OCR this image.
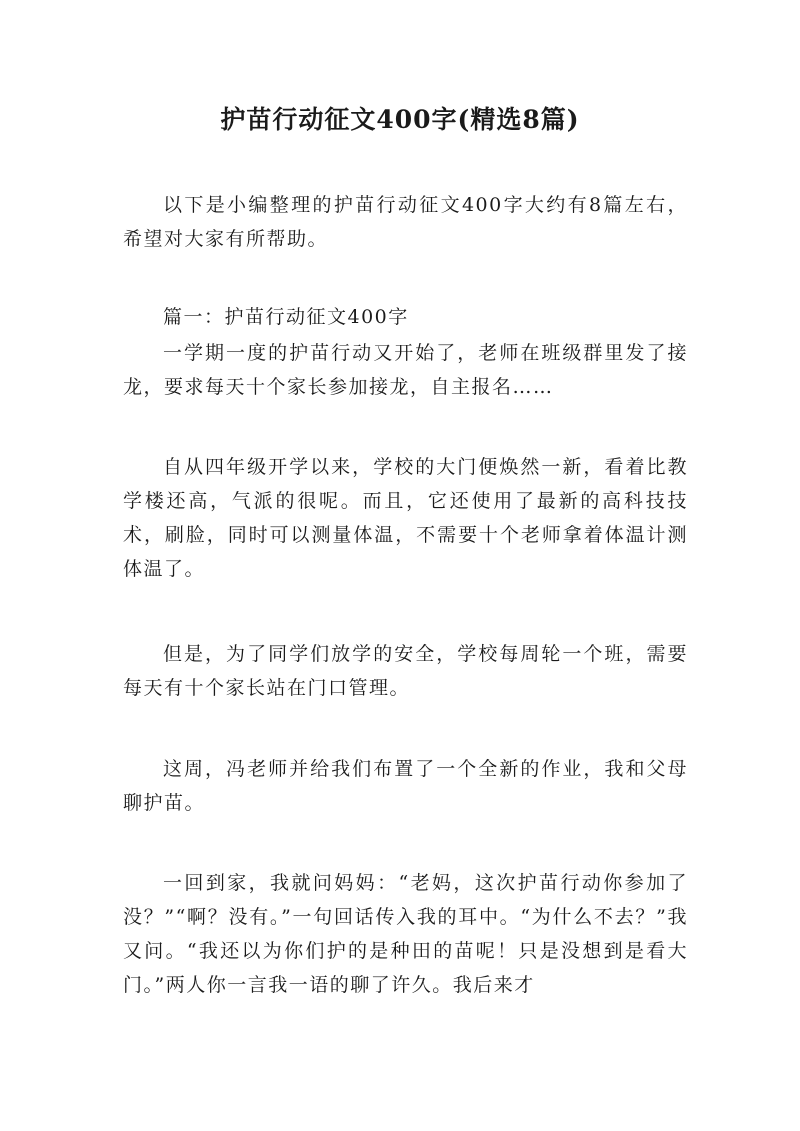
护苗行动征文400字(精选8篇)

以下是小编整理的护苗行动征文400字大约有8篇左右，希望对大家有所帮助。

篇一：护苗行动征文400字

一学期一度的护苗行动又开始了，老师在班级群里发了接龙，要求每天十个家长参加接龙，自主报名……

自从四年级开学以来，学校的大门便焕然一新，看着比教学楼还高，气派的很呢。而且，它还使用了最新的高科技技术，刷脸，同时可以测量体温，不需要十个老师拿着体温计测体温了。

但是，为了同学们放学的安全，学校每周轮一个班，需要每天有十个家长站在门口管理。

这周，冯老师并给我们布置了一个全新的作业，我和父母聊护苗。

一回到家，我就问妈妈：“老妈，这次护苗行动你参加了没？”“啊？没有。”一句回话传入我的耳中。“为什么不去？”我又问。“我还以为你们护的是种田的苗呢！只是没想到是看大门。”两人你一言我一语的聊了许久。我后来才
